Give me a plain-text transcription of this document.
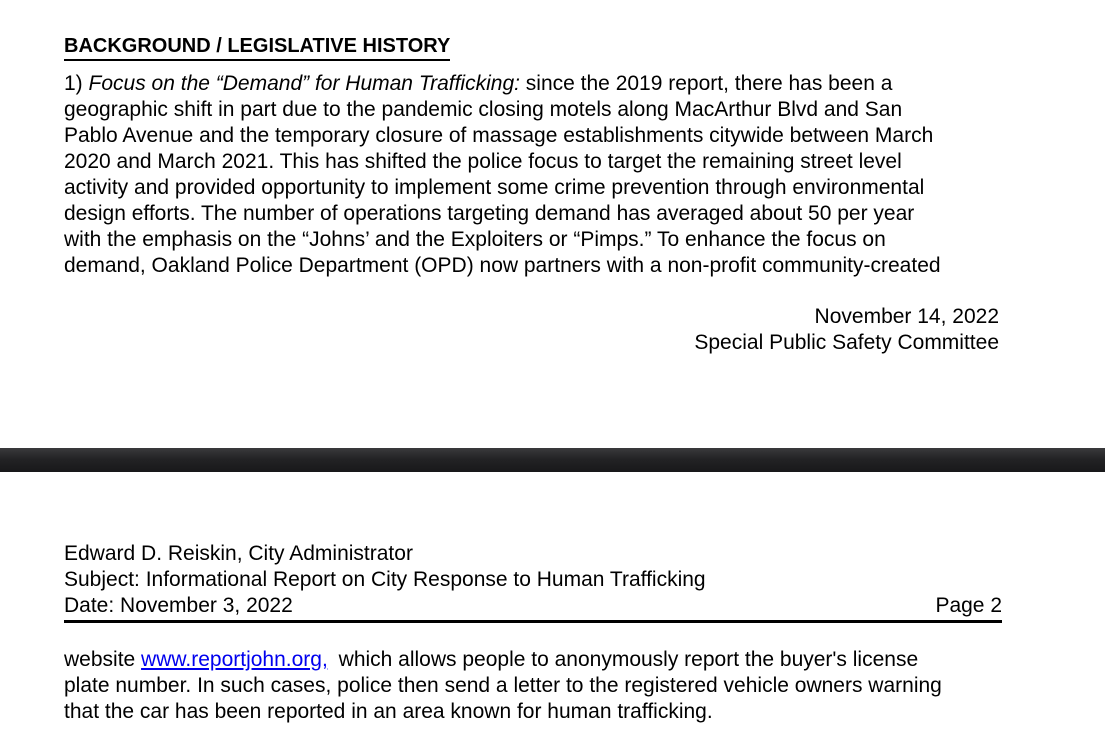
BACKGROUND / LEGISLATIVE HISTORY
1) Focus on the “Demand” for Human Trafficking: since the 2019 report, there has been a
geographic shift in part due to the pandemic closing motels along MacArthur Blvd and San
Pablo Avenue and the temporary closure of massage establishments citywide between March
2020 and March 2021. This has shifted the police focus to target the remaining street level
activity and provided opportunity to implement some crime prevention through environmental
design efforts. The number of operations targeting demand has averaged about 50 per year
with the emphasis on the “Johns’ and the Exploiters or “Pimps.” To enhance the focus on
demand, Oakland Police Department (OPD) now partners with a non-profit community-created
November 14, 2022
Special Public Safety Committee
Edward D. Reiskin, City Administrator
Subject: Informational Report on City Response to Human Trafficking
Date: November 3, 2022	Page 2
website www.reportjohn.org, which allows people to anonymously report the buyer's license
plate number. In such cases, police then send a letter to the registered vehicle owners warning
that the car has been reported in an area known for human trafficking.
